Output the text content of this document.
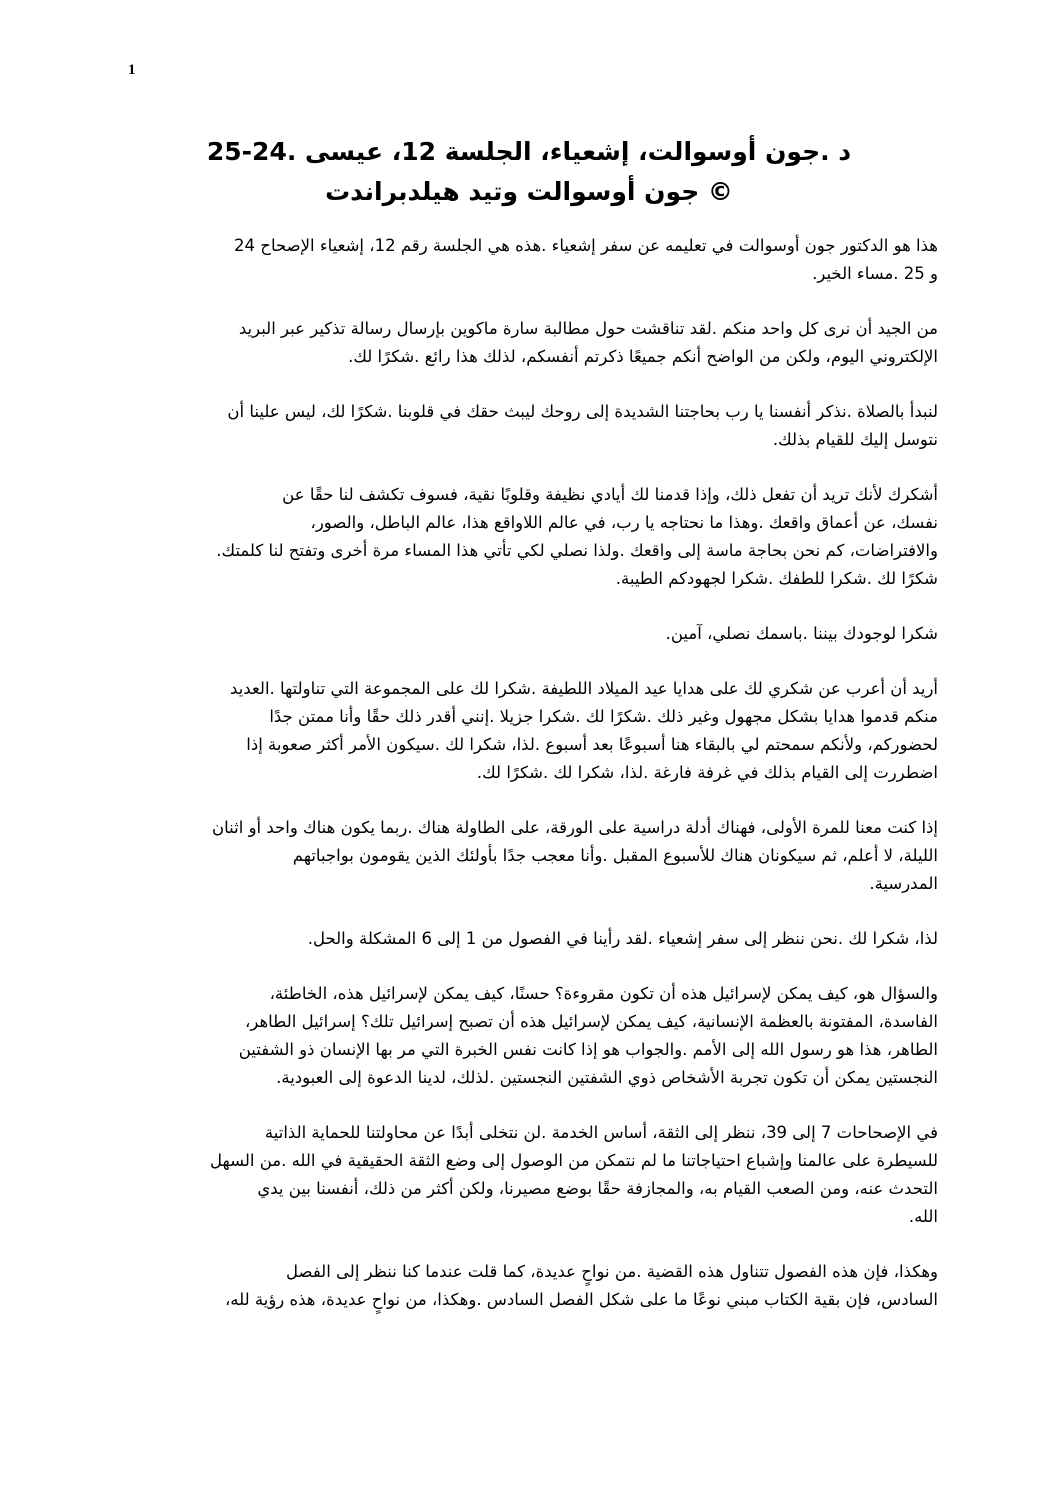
1
د .جون أوسوالت، إشعياء، الجلسة 12، عيسى .24-25
جون أوسوالت وتيد هيلدبراندت ©
هذا هو الدكتور جون أوسوالت في تعليمه عن سفر إشعياء .هذه هي الجلسة رقم 12، إشعياء الإصحاح 24
.و 25 .مساء الخير
من الجيد أن نرى كل واحد منكم .لقد تناقشت حول مطالبة سارة ماكوين بإرسال رسالة تذكير عبر البريد
.الإلكتروني اليوم، ولكن من الواضح أنكم جميعًا ذكرتم أنفسكم، لذلك هذا رائع .شكرًا لك
لنبدأ بالصلاة .نذكر أنفسنا يا رب بحاجتنا الشديدة إلى روحك ليبث حقك في قلوبنا .شكرًا لك، ليس علينا أن
.نتوسل إليك للقيام بذلك
أشكرك لأنك تريد أن تفعل ذلك، وإذا قدمنا لك أيادي نظيفة وقلوبًا نقية، فسوف تكشف لنا حقًا عن
،نفسك، عن أعماق واقعك .وهذا ما نحتاجه يا رب، في عالم اللاواقع هذا، عالم الباطل، والصور
.والافتراضات، كم نحن بحاجة ماسة إلى واقعك .ولذا نصلي لكي تأتي هذا المساء مرة أخرى وتفتح لنا كلمتك
.شكرًا لك .شكرا للطفك .شكرا لجهودكم الطيبة
.شكرا لوجودك بيننا .باسمك نصلي، آمين
أريد أن أعرب عن شكري لك على هدايا عيد الميلاد اللطيفة .شكرا لك على المجموعة التي تناولتها .العديد
منكم قدموا هدايا بشكل مجهول وغير ذلك .شكرًا لك .شكرا جزيلا .إنني أقدر ذلك حقًا وأنا ممتن جدًا
لحضوركم، ولأنكم سمحتم لي بالبقاء هنا أسبوعًا بعد أسبوع .لذا، شكرا لك .سيكون الأمر أكثر صعوبة إذا
.اضطررت إلى القيام بذلك في غرفة فارغة .لذا، شكرا لك .شكرًا لك
إذا كنت معنا للمرة الأولى، فهناك أدلة دراسية على الورقة، على الطاولة هناك .ربما يكون هناك واحد أو اثنان
الليلة، لا أعلم، ثم سيكونان هناك للأسبوع المقبل .وأنا معجب جدًا بأولئك الذين يقومون بواجباتهم
.المدرسية
.لذا، شكرا لك .نحن ننظر إلى سفر إشعياء .لقد رأينا في الفصول من 1 إلى 6 المشكلة والحل
،والسؤال هو، كيف يمكن لإسرائيل هذه أن تكون مقروءة؟ حسنًا، كيف يمكن لإسرائيل هذه، الخاطئة
،الفاسدة، المفتونة بالعظمة الإنسانية، كيف يمكن لإسرائيل هذه أن تصبح إسرائيل تلك؟ إسرائيل الطاهر
الطاهر، هذا هو رسول الله إلى الأمم .والجواب هو إذا كانت نفس الخبرة التي مر بها الإنسان ذو الشفتين
.النجستين يمكن أن تكون تجربة الأشخاص ذوي الشفتين النجستين .لذلك، لدينا الدعوة إلى العبودية
في الإصحاحات 7 إلى 39، ننظر إلى الثقة، أساس الخدمة .لن نتخلى أبدًا عن محاولتنا للحماية الذاتية
للسيطرة على عالمنا وإشباع احتياجاتنا ما لم نتمكن من الوصول إلى وضع الثقة الحقيقية في الله .من السهل
التحدث عنه، ومن الصعب القيام به، والمجازفة حقًا بوضع مصيرنا، ولكن أكثر من ذلك، أنفسنا بين يدي
.الله
وهكذا، فإن هذه الفصول تتناول هذه القضية .من نواحٍ عديدة، كما قلت عندما كنا ننظر إلى الفصل
،السادس، فإن بقية الكتاب مبني نوعًا ما على شكل الفصل السادس .وهكذا، من نواحٍ عديدة، هذه رؤية لله
